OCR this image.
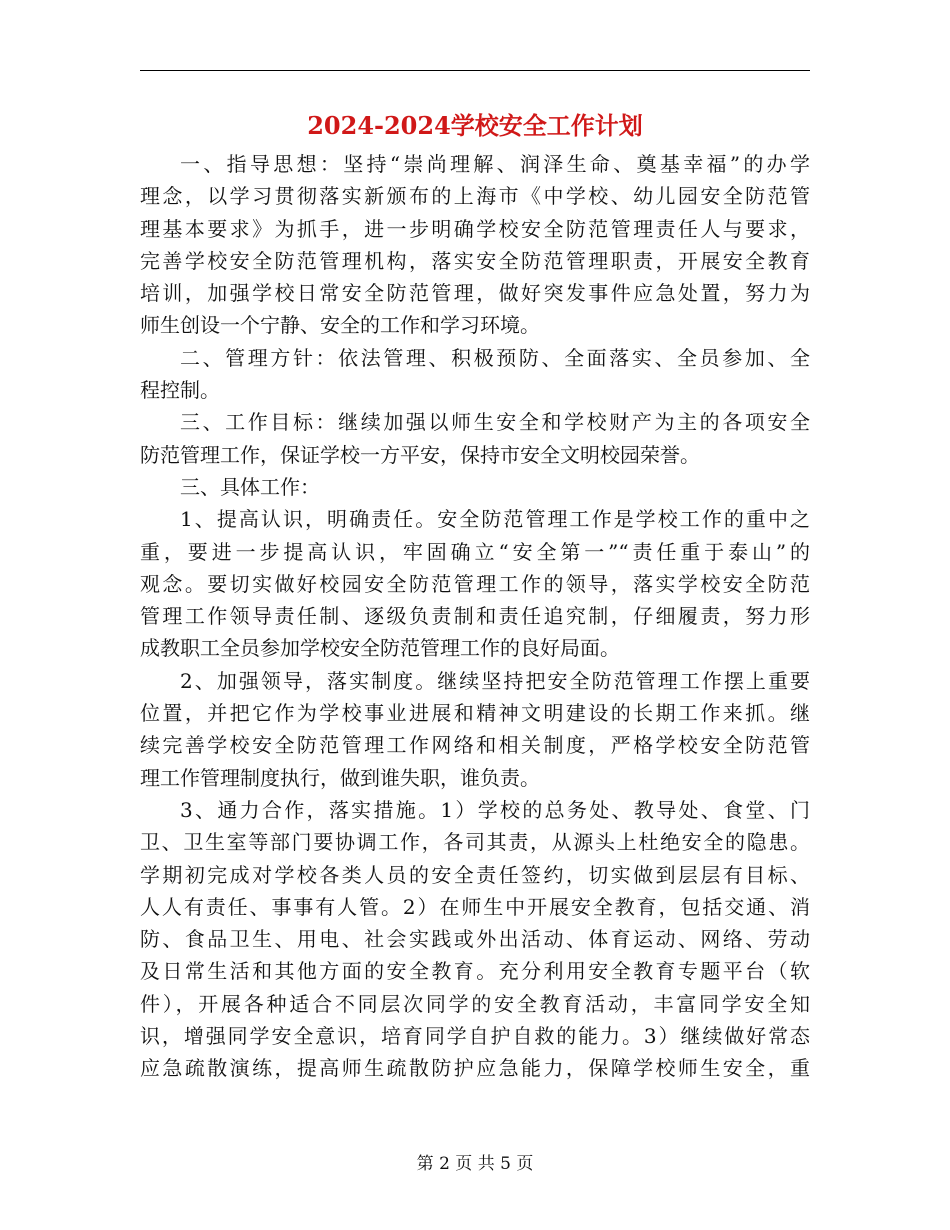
2024-2024学校安全工作计划
一、指导思想：坚持“崇尚理解、润泽生命、奠基幸福”的办学
理念，以学习贯彻落实新颁布的上海市《中学校、幼儿园安全防范管
理基本要求》为抓手，进一步明确学校安全防范管理责任人与要求，
完善学校安全防范管理机构，落实安全防范管理职责，开展安全教育
培训，加强学校日常安全防范管理，做好突发事件应急处置，努力为
师生创设一个宁静、安全的工作和学习环境。
二、管理方针：依法管理、积极预防、全面落实、全员参加、全
程控制。
三、工作目标：继续加强以师生安全和学校财产为主的各项安全
防范管理工作，保证学校一方平安，保持市安全文明校园荣誉。
三、具体工作：
1、提高认识，明确责任。安全防范管理工作是学校工作的重中之
重，要进一步提高认识，牢固确立“安全第一”“责任重于泰山”的
观念。要切实做好校园安全防范管理工作的领导，落实学校安全防范
管理工作领导责任制、逐级负责制和责任追究制，仔细履责，努力形
成教职工全员参加学校安全防范管理工作的良好局面。
2、加强领导，落实制度。继续坚持把安全防范管理工作摆上重要
位置，并把它作为学校事业进展和精神文明建设的长期工作来抓。继
续完善学校安全防范管理工作网络和相关制度，严格学校安全防范管
理工作管理制度执行，做到谁失职，谁负责。
3、通力合作，落实措施。1）学校的总务处、教导处、食堂、门
卫、卫生室等部门要协调工作，各司其责，从源头上杜绝安全的隐患。
学期初完成对学校各类人员的安全责任签约，切实做到层层有目标、
人人有责任、事事有人管。2）在师生中开展安全教育，包括交通、消
防、食品卫生、用电、社会实践或外出活动、体育运动、网络、劳动
及日常生活和其他方面的安全教育。充分利用安全教育专题平台（软
件），开展各种适合不同层次同学的安全教育活动，丰富同学安全知
识，增强同学安全意识，培育同学自护自救的能力。3）继续做好常态
应急疏散演练，提高师生疏散防护应急能力，保障学校师生安全，重
第 2 页 共 5 页
